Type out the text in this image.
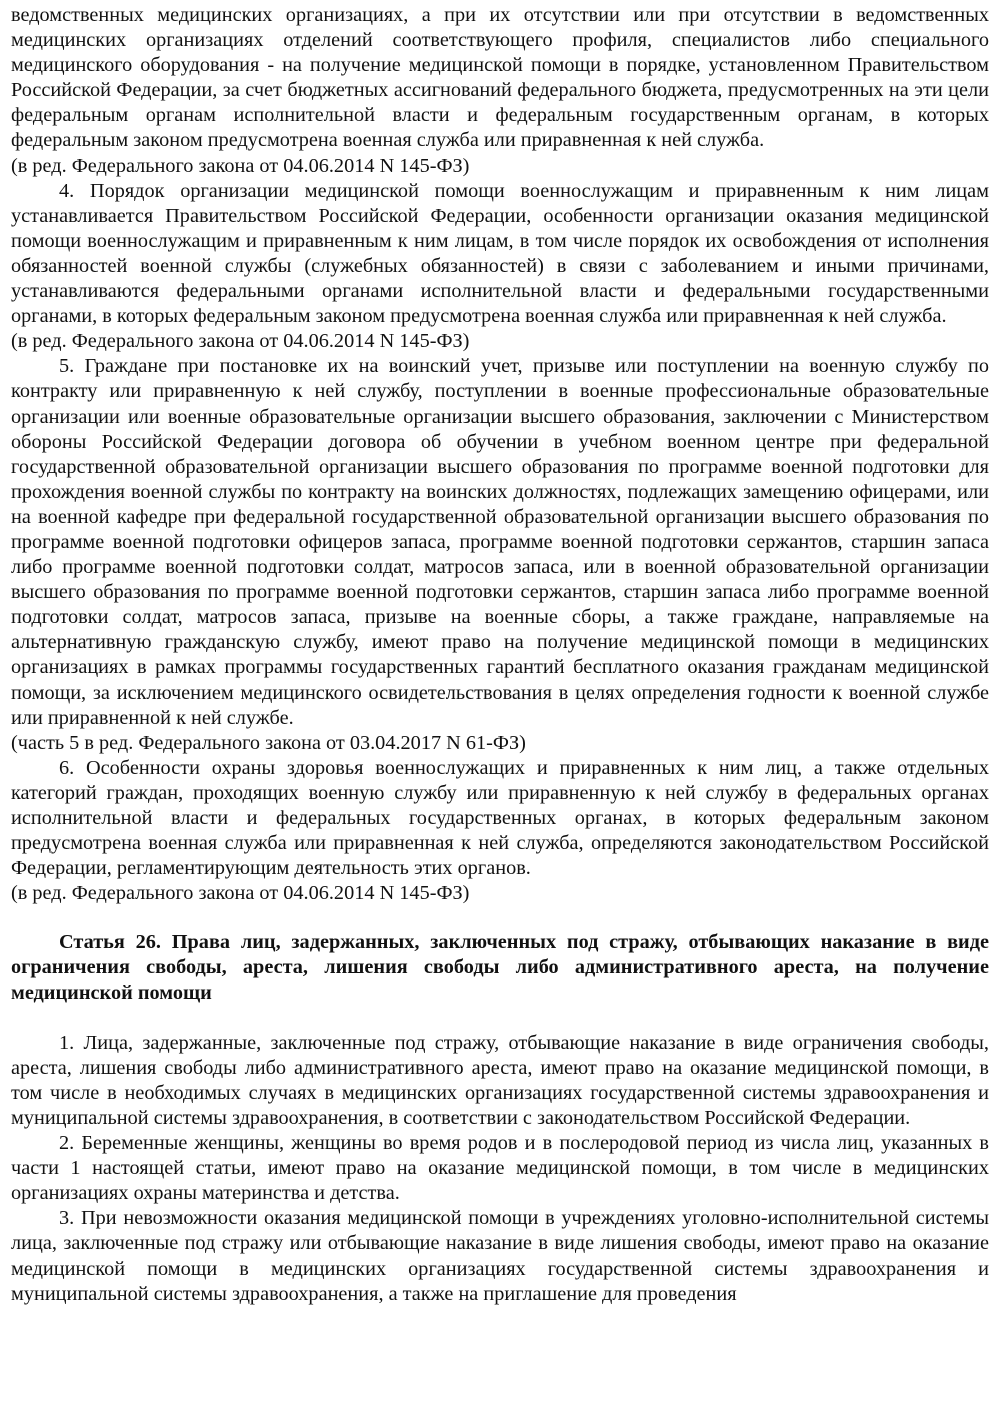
ведомственных медицинских организациях, а при их отсутствии или при отсутствии в ведомственных медицинских организациях отделений соответствующего профиля, специалистов либо специального медицинского оборудования - на получение медицинской помощи в порядке, установленном Правительством Российской Федерации, за счет бюджетных ассигнований федерального бюджета, предусмотренных на эти цели федеральным органам исполнительной власти и федеральным государственным органам, в которых федеральным законом предусмотрена военная служба или приравненная к ней служба.

(в ред. Федерального закона от 04.06.2014 N 145-ФЗ)

4. Порядок организации медицинской помощи военнослужащим и приравненным к ним лицам устанавливается Правительством Российской Федерации, особенности организации оказания медицинской помощи военнослужащим и приравненным к ним лицам, в том числе порядок их освобождения от исполнения обязанностей военной службы (служебных обязанностей) в связи с заболеванием и иными причинами, устанавливаются федеральными органами исполнительной власти и федеральными государственными органами, в которых федеральным законом предусмотрена военная служба или приравненная к ней служба.

(в ред. Федерального закона от 04.06.2014 N 145-ФЗ)

5. Граждане при постановке их на воинский учет, призыве или поступлении на военную службу по контракту или приравненную к ней службу, поступлении в военные профессиональные образовательные организации или военные образовательные организации высшего образования, заключении с Министерством обороны Российской Федерации договора об обучении в учебном военном центре при федеральной государственной образовательной организации высшего образования по программе военной подготовки для прохождения военной службы по контракту на воинских должностях, подлежащих замещению офицерами, или на военной кафедре при федеральной государственной образовательной организации высшего образования по программе военной подготовки офицеров запаса, программе военной подготовки сержантов, старшин запаса либо программе военной подготовки солдат, матросов запаса, или в военной образовательной организации высшего образования по программе военной подготовки сержантов, старшин запаса либо программе военной подготовки солдат, матросов запаса, призыве на военные сборы, а также граждане, направляемые на альтернативную гражданскую службу, имеют право на получение медицинской помощи в медицинских организациях в рамках программы государственных гарантий бесплатного оказания гражданам медицинской помощи, за исключением медицинского освидетельствования в целях определения годности к военной службе или приравненной к ней службе.

(часть 5 в ред. Федерального закона от 03.04.2017 N 61-ФЗ)

6. Особенности охраны здоровья военнослужащих и приравненных к ним лиц, а также отдельных категорий граждан, проходящих военную службу или приравненную к ней службу в федеральных органах исполнительной власти и федеральных государственных органах, в которых федеральным законом предусмотрена военная служба или приравненная к ней служба, определяются законодательством Российской Федерации, регламентирующим деятельность этих органов.

(в ред. Федерального закона от 04.06.2014 N 145-ФЗ)

Статья 26. Права лиц, задержанных, заключенных под стражу, отбывающих наказание в виде ограничения свободы, ареста, лишения свободы либо административного ареста, на получение медицинской помощи

1. Лица, задержанные, заключенные под стражу, отбывающие наказание в виде ограничения свободы, ареста, лишения свободы либо административного ареста, имеют право на оказание медицинской помощи, в том числе в необходимых случаях в медицинских организациях государственной системы здравоохранения и муниципальной системы здравоохранения, в соответствии с законодательством Российской Федерации.

2. Беременные женщины, женщины во время родов и в послеродовой период из числа лиц, указанных в части 1 настоящей статьи, имеют право на оказание медицинской помощи, в том числе в медицинских организациях охраны материнства и детства.

3. При невозможности оказания медицинской помощи в учреждениях уголовно-исполнительной системы лица, заключенные под стражу или отбывающие наказание в виде лишения свободы, имеют право на оказание медицинской помощи в медицинских организациях государственной системы здравоохранения и муниципальной системы здравоохранения, а также на приглашение для проведения
